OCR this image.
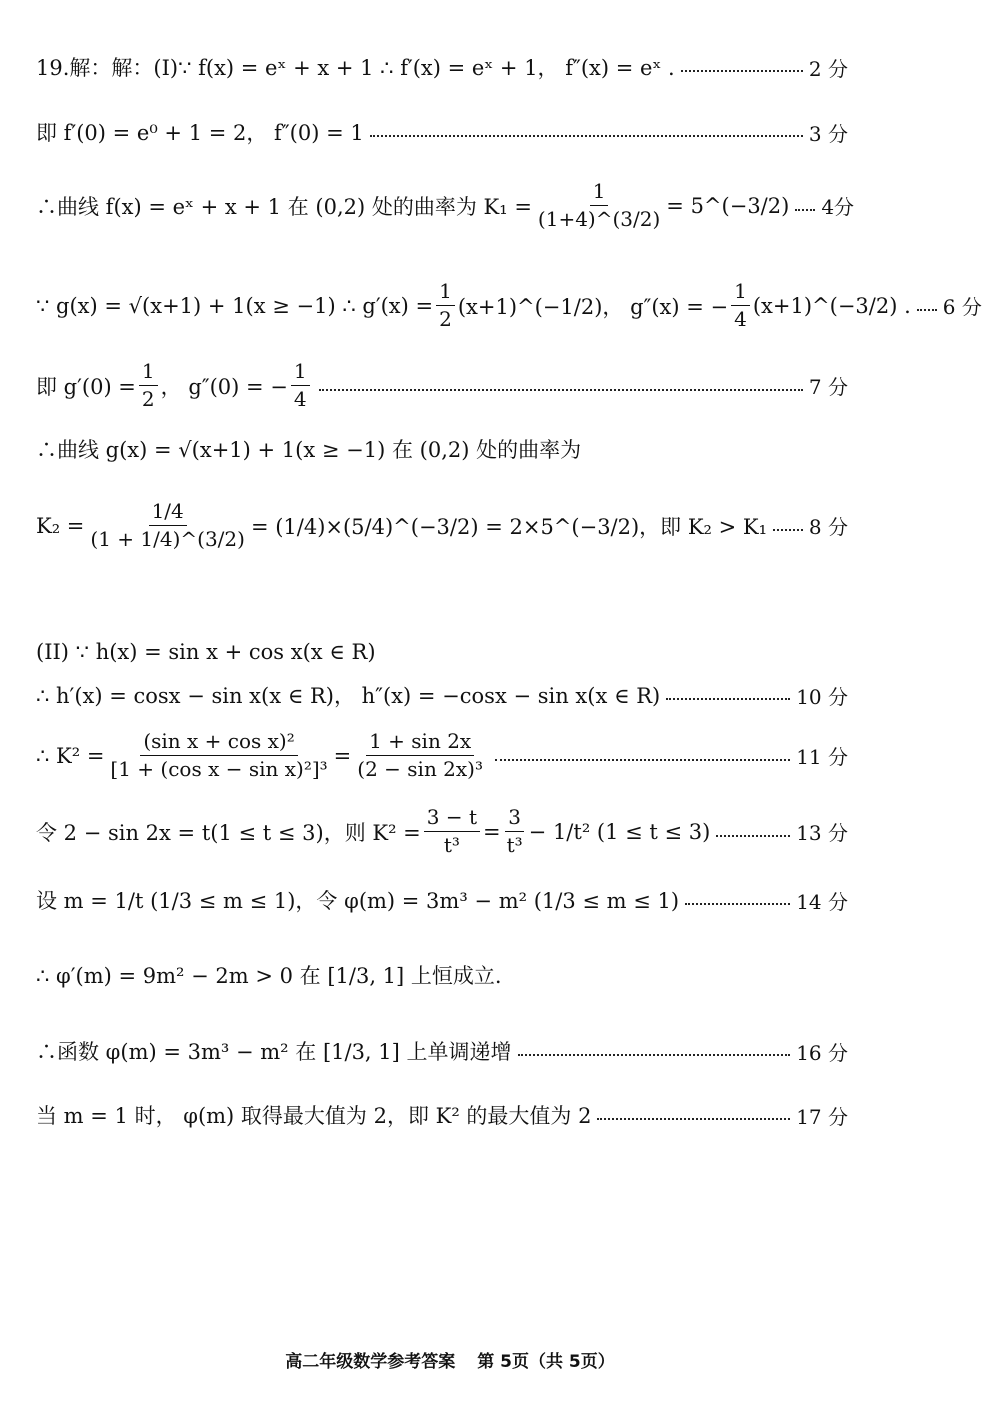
19.解：解：(I)∵ f(x) = eˣ + x + 1 ∴ f′(x) = eˣ + 1， f″(x) = eˣ .	2 分
即 f′(0) = e⁰ + 1 = 2， f″(0) = 1	3 分
∴曲线 f(x) = eˣ + x + 1 在 (0,2) 处的曲率为 $K_1 = \frac{1}{(1+4)\^{}(3/2)}$ = 5^(−3/2) 4分
∵ g(x) = √(x+1) + 1(x ≥ −1) ∴ $g'(x) = \frac{1}{2}$ (x+1)^(−1/2)， g″(x) = − $\frac{1}{4}$ (x+1)^(−3/2) . 6 分
即 $g'(0) = \frac{1}{2}$ ， g″(0) = − $\frac{1}{4}$	7 分
∴曲线 g(x) = √(x+1) + 1(x ≥ −1) 在 (0,2) 处的曲率为
$K_2 = \frac{1/4}{(1 + 1/4)\^{}(3/2)}$ = (1/4)×(5/4)^(−3/2) = 2×5^(−3/2)，即 K₂ > K₁ 8 分
(II) ∵ h(x) = sin x + cos x(x ∈ R)
∴ h′(x) = cosx − sin x(x ∈ R)， h″(x) = −cosx − sin x(x ∈ R)	10 分
∴ $K^2 = \frac{\text{(sin x + cos x)²}}{\text{[1 + (cos x − sin x)²]³}} = \frac{1 + \sin 2x}{\text{(2 − sin 2x)³}}$	11 分
令 2 − sin 2x = t(1 ≤ t ≤ 3)，则 $K^2 = \frac{3 - t}{\text{t³}} = \frac{3}{\text{t³}} - 1/t^2$ (1 ≤ t ≤ 3)	13 分
设 m = 1/t (1/3 ≤ m ≤ 1)，令 φ(m) = 3m³ − m² (1/3 ≤ m ≤ 1)	14 分
∴ φ′(m) = 9m² − 2m > 0 在 [1/3, 1] 上恒成立.
∴函数 φ(m) = 3m³ − m² 在 [1/3, 1] 上单调递增	16 分
当 m = 1 时， φ(m) 取得最大值为 2，即 K² 的最大值为 2	17 分
高二年级数学参考答案 第 5页（共 5页）
